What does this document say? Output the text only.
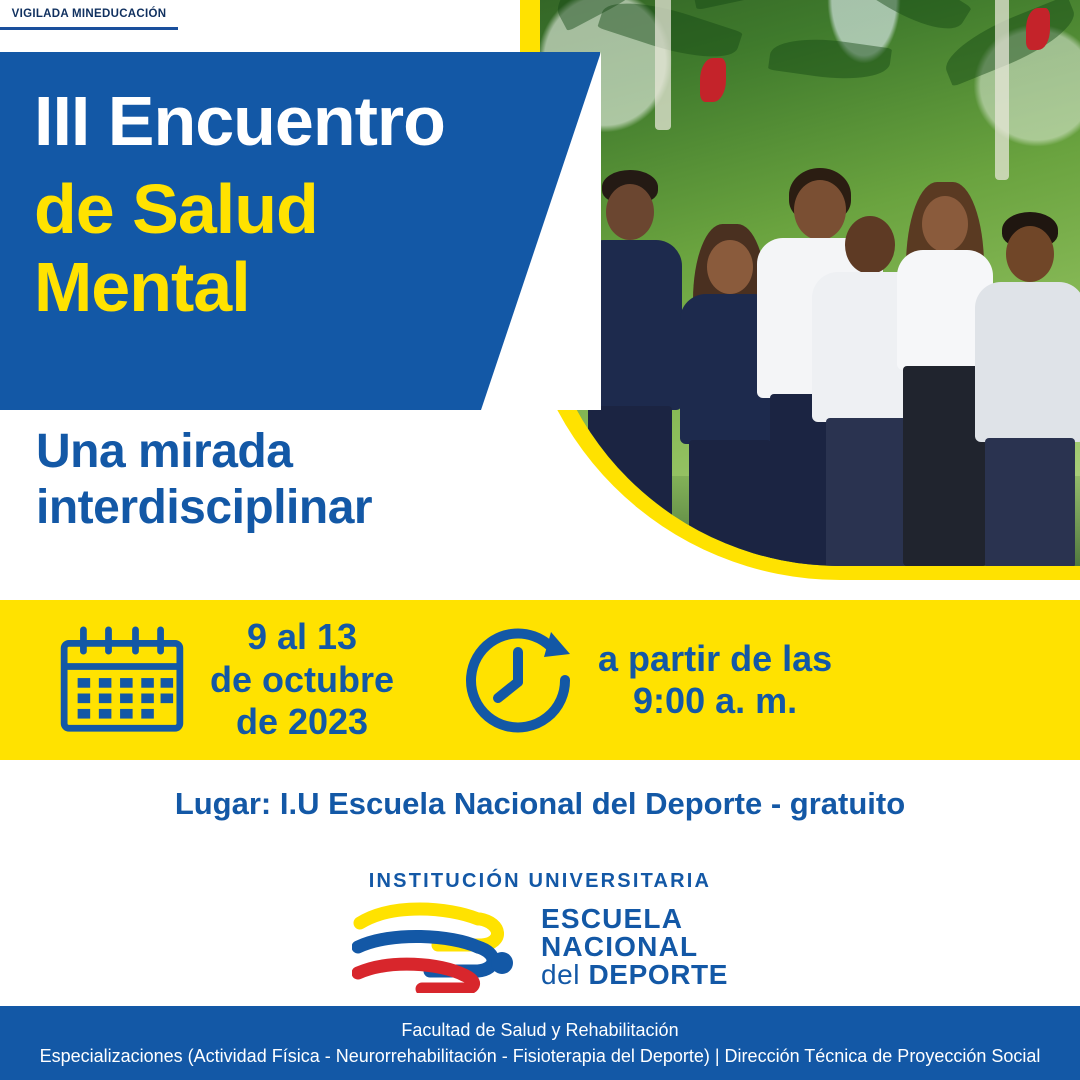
VIGILADA MINEDUCACIÓN
III Encuentro
de Salud
Mental
Una mirada
interdisciplinar
9 al 13
de octubre
de 2023
a partir de las
9:00 a. m.
Lugar: I.U Escuela Nacional del Deporte - gratuito
INSTITUCIÓN UNIVERSITARIA
ESCUELA
NACIONAL
del DEPORTE
Facultad de Salud y Rehabilitación
Especializaciones (Actividad Física - Neurorrehabilitación - Fisioterapia del Deporte) | Dirección Técnica de Proyección Social
